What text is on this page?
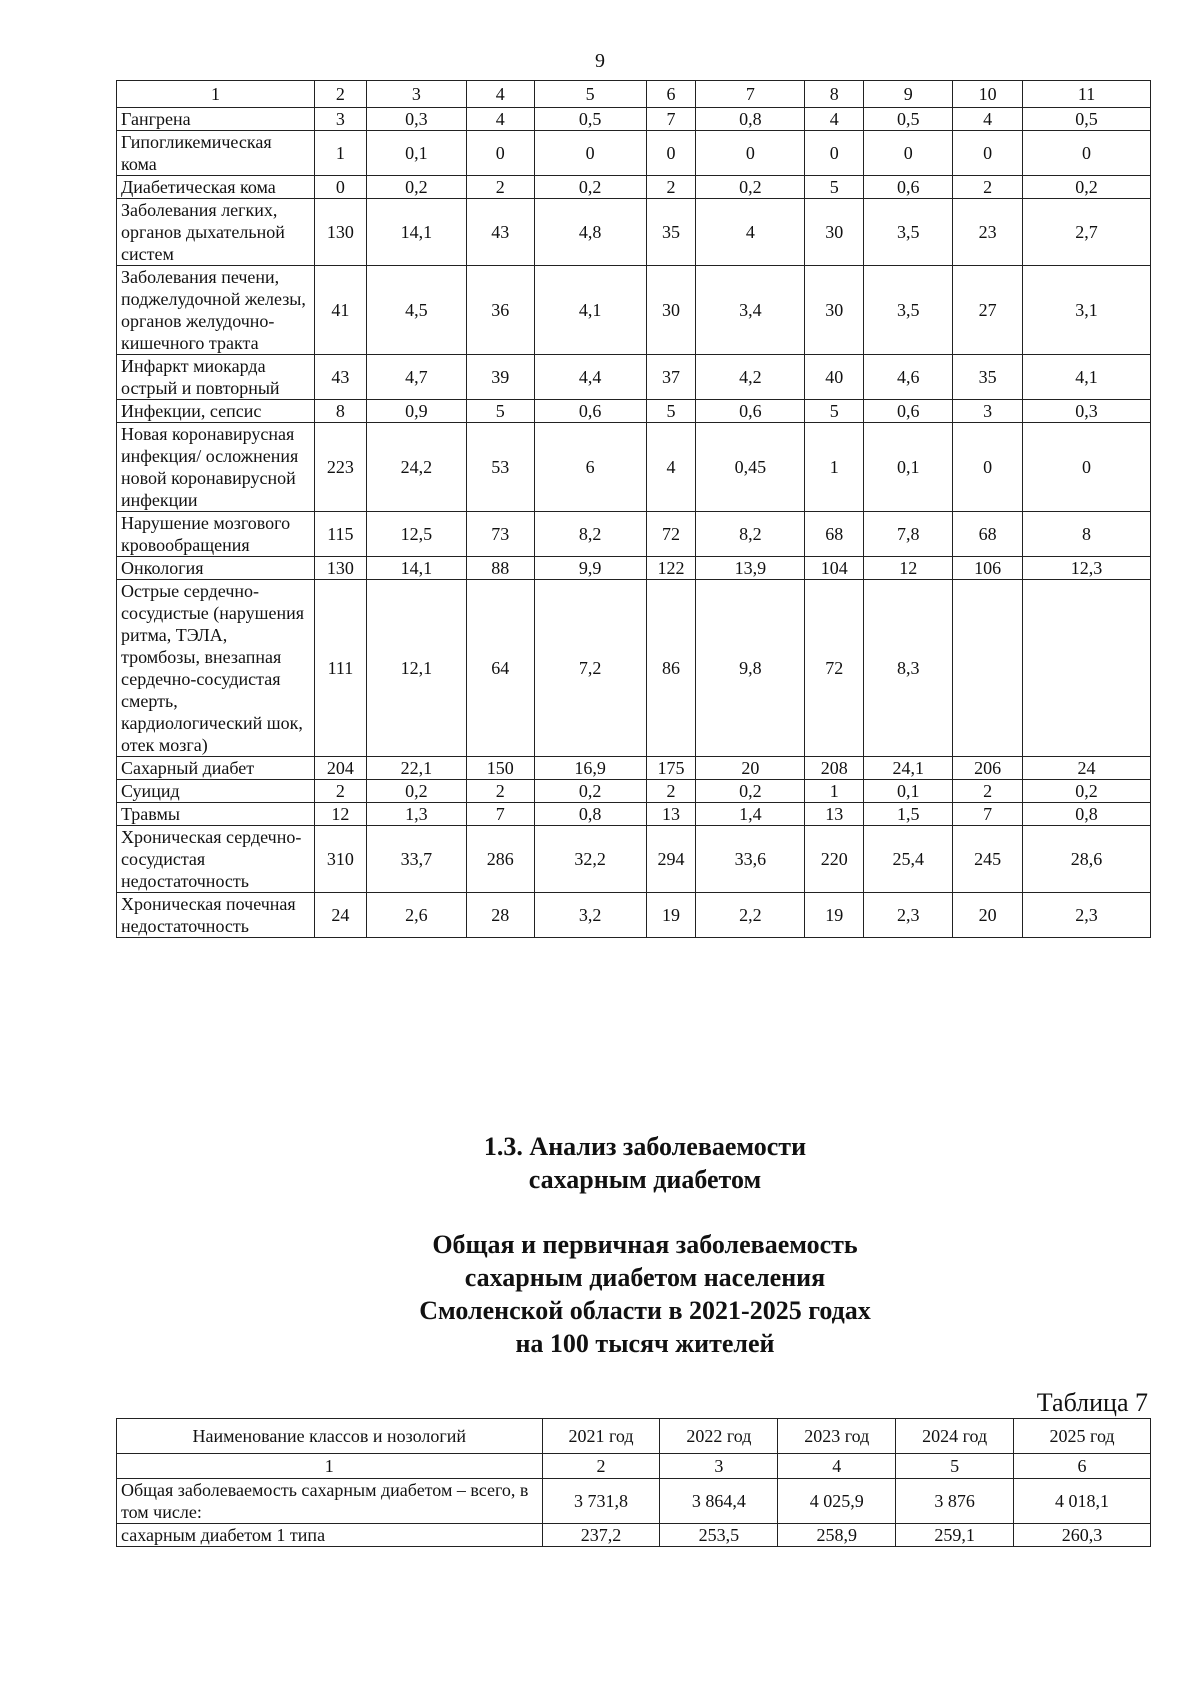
9
1	2	3	4	5	6	7	8	9	10	11
Гангрена	3	0,3	4	0,5	7	0,8	4	0,5	4	0,5
Гипогликемическая кома	1	0,1	0	0	0	0	0	0	0	0
Диабетическая кома	0	0,2	2	0,2	2	0,2	5	0,6	2	0,2
Заболевания легких, органов дыхательной систем	130	14,1	43	4,8	35	4	30	3,5	23	2,7
Заболевания печени, поджелудочной железы, органов желудочно-кишечного тракта	41	4,5	36	4,1	30	3,4	30	3,5	27	3,1
Инфаркт миокарда острый и повторный	43	4,7	39	4,4	37	4,2	40	4,6	35	4,1
Инфекции, сепсис	8	0,9	5	0,6	5	0,6	5	0,6	3	0,3
Новая коронавирусная инфекция/ осложнения новой коронавирусной инфекции	223	24,2	53	6	4	0,45	1	0,1	0	0
Нарушение мозгового кровообращения	115	12,5	73	8,2	72	8,2	68	7,8	68	8
Онкология	130	14,1	88	9,9	122	13,9	104	12	106	12,3
Острые сердечно-сосудистые (нарушения ритма, ТЭЛА, тромбозы, внезапная сердечно-сосудистая смерть, кардиологический шок, отек мозга)	111	12,1	64	7,2	86	9,8	72	8,3		
Сахарный диабет	204	22,1	150	16,9	175	20	208	24,1	206	24
Суицид	2	0,2	2	0,2	2	0,2	1	0,1	2	0,2
Травмы	12	1,3	7	0,8	13	1,4	13	1,5	7	0,8
Хроническая сердечно-сосудистая недостаточность	310	33,7	286	32,2	294	33,6	220	25,4	245	28,6
Хроническая почечная недостаточность	24	2,6	28	3,2	19	2,2	19	2,3	20	2,3
1.3. Анализ заболеваемости
сахарным диабетом
Общая и первичная заболеваемость
сахарным диабетом населения
Смоленской области в 2021-2025 годах
на 100 тысяч жителей
Таблица 7
Наименование классов и нозологий	2021 год	2022 год	2023 год	2024 год	2025 год
1	2	3	4	5	6
Общая заболеваемость сахарным диабетом – всего, в том числе:	3 731,8	3 864,4	4 025,9	3 876	4 018,1
сахарным диабетом 1 типа	237,2	253,5	258,9	259,1	260,3
